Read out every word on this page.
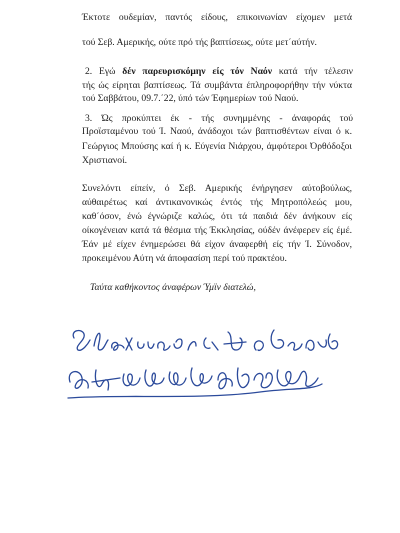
Έκτοτε ουδεμίαν, παντός είδους, επικοινωνίαν είχομεν μετά
τού Σεβ. Αμερικής, ούτε πρό τής βαπτίσεως, ούτε μετ΄αύτήν.
2. Εγώ δέν παρευρισκόμην είς τόν Ναόν κατά τήν τέλεσιν
τής ώς είρηται βαπτίσεως. Τά συμβάντα έπληροφορήθην τήν νύκτα
τού Σαββάτου, 09.7.΄22, ύπό τών Έφημερίων τού Ναού.
3. Ώς προκύπτει έκ - τής συνημμένης - άναφοράς τού
Προϊσταμένου τού Ί. Ναού, άνάδοχοι τών βαπτισθέντων είναι ό κ.
Γεώργιος Μπούσης καί ή κ. Εύγενία Νιάρχου, άμφότεροι Όρθόδοξοι
Χριστιανοί.
Συνελόντι είπείν, ό Σεβ. Αμερικής ένήργησεν αύτοβούλως,
αύθαιρέτως καί άντικανονικώς έντός τής Μητροπόλεώς μου,
καθ΄όσον, ένώ έγνώριζε καλώς, ότι τά παιδιά δέν άνήκουν είς
οίκογένειαν κατά τά θέσμια τής Έκκλησίας, ούδέν άνέφερεν είς έμέ.
Έάν μέ είχεν ένημερώσει θά είχον άναφερθή είς τήν Ί. Σύνοδον,
προκειμένου Αύτη νά άποφασίση περί τού πρακτέου.
Ταύτα καθήκοντος άναφέρων Ύμϊν διατελώ,
